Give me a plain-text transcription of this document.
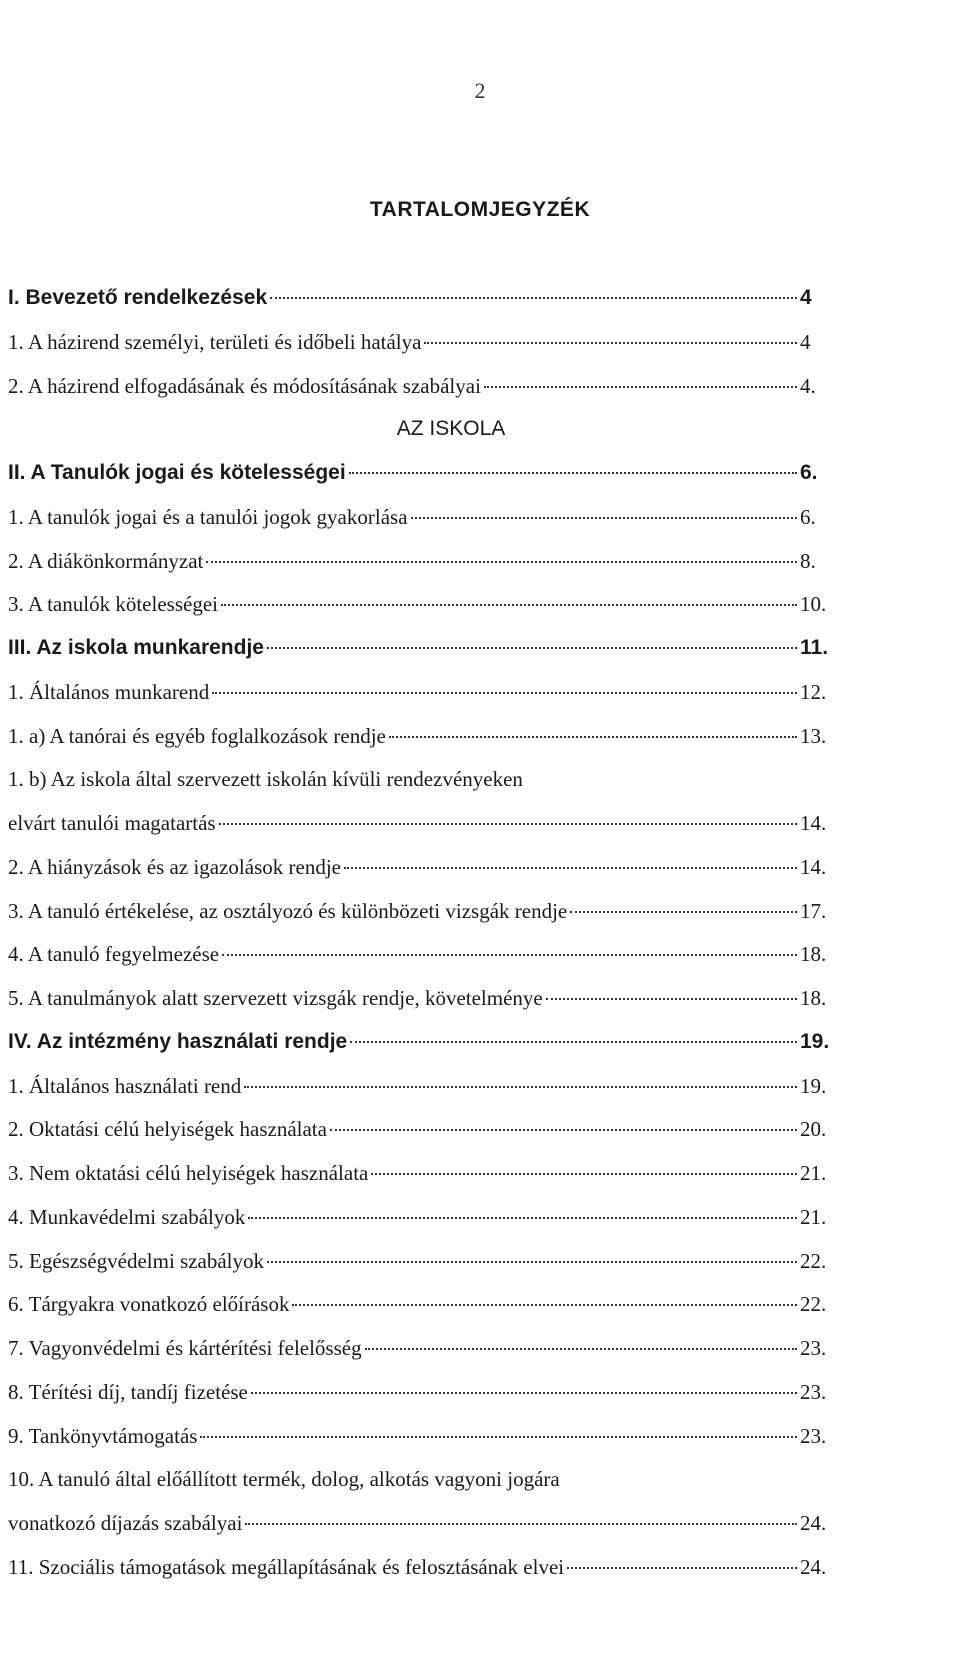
2
TARTALOMJEGYZÉK
I. Bevezető rendelkezések	4
1. A házirend személyi, területi és időbeli hatálya	4
2. A házirend elfogadásának és módosításának szabályai	4.
AZ ISKOLA
II. A Tanulók jogai és kötelességei	6.
1. A tanulók jogai és a tanulói jogok gyakorlása	6.
2. A diákönkormányzat	8.
3. A tanulók kötelességei	10.
III. Az iskola munkarendje	11.
1. Általános munkarend	12.
1. a) A tanórai és egyéb foglalkozások rendje	13.
1. b) Az iskola által szervezett iskolán kívüli rendezvényeken
elvárt tanulói magatartás	14.
2. A hiányzások és az igazolások rendje	14.
3. A tanuló értékelése, az osztályozó és különbözeti vizsgák rendje	17.
4. A tanuló fegyelmezése	18.
5. A tanulmányok alatt szervezett vizsgák rendje, követelménye	18.
IV. Az intézmény használati rendje	19.
1. Általános használati rend	19.
2. Oktatási célú helyiségek használata	20.
3. Nem oktatási célú helyiségek használata	21.
4. Munkavédelmi szabályok	21.
5. Egészségvédelmi szabályok	22.
6. Tárgyakra vonatkozó előírások	22.
7. Vagyonvédelmi és kártérítési felelősség	23.
8. Térítési díj, tandíj fizetése	23.
9. Tankönyvtámogatás	23.
10. A tanuló által előállított termék, dolog, alkotás vagyoni jogára
vonatkozó díjazás szabályai	24.
11. Szociális támogatások megállapításának és felosztásának elvei	24.
